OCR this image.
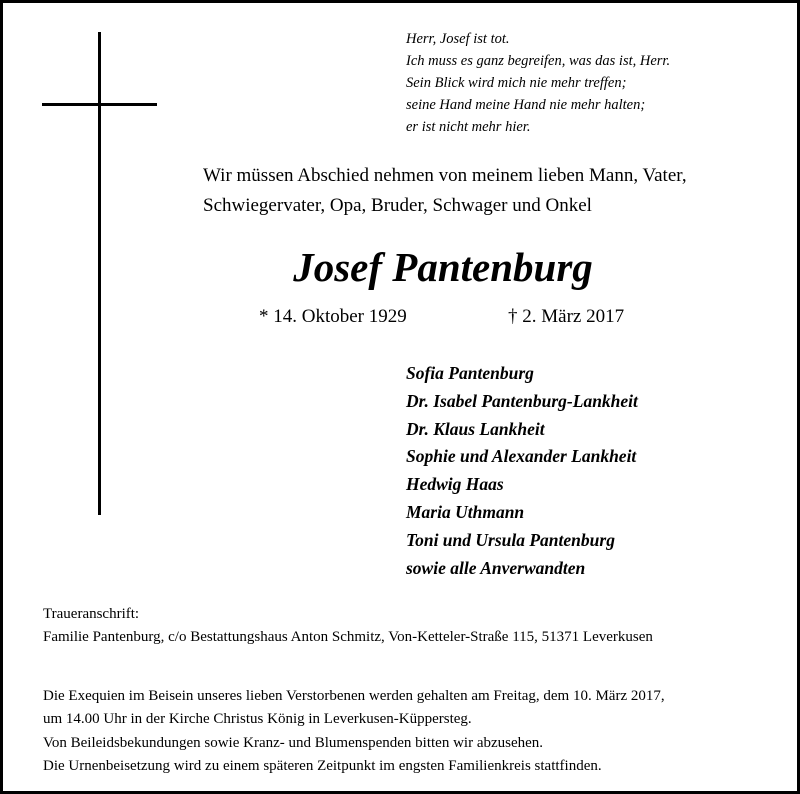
Herr, Josef ist tot.
Ich muss es ganz begreifen, was das ist, Herr.
Sein Blick wird mich nie mehr treffen;
seine Hand meine Hand nie mehr halten;
er ist nicht mehr hier.
Wir müssen Abschied nehmen von meinem lieben Mann, Vater,
Schwiegervater, Opa, Bruder, Schwager und Onkel
Josef Pantenburg
* 14. Oktober 1929	† 2. März 2017
Sofia Pantenburg
Dr. Isabel Pantenburg-Lankheit
Dr. Klaus Lankheit
Sophie und Alexander Lankheit
Hedwig Haas
Maria Uthmann
Toni und Ursula Pantenburg
sowie alle Anverwandten
Traueranschrift:
Familie Pantenburg, c/o Bestattungshaus Anton Schmitz, Von-Ketteler-Straße 115, 51371 Leverkusen
Die Exequien im Beisein unseres lieben Verstorbenen werden gehalten am Freitag, dem 10. März 2017,
um 14.00 Uhr in der Kirche Christus König in Leverkusen-Küppersteg.
Von Beileidsbekundungen sowie Kranz- und Blumenspenden bitten wir abzusehen.
Die Urnenbeisetzung wird zu einem späteren Zeitpunkt im engsten Familienkreis stattfinden.
